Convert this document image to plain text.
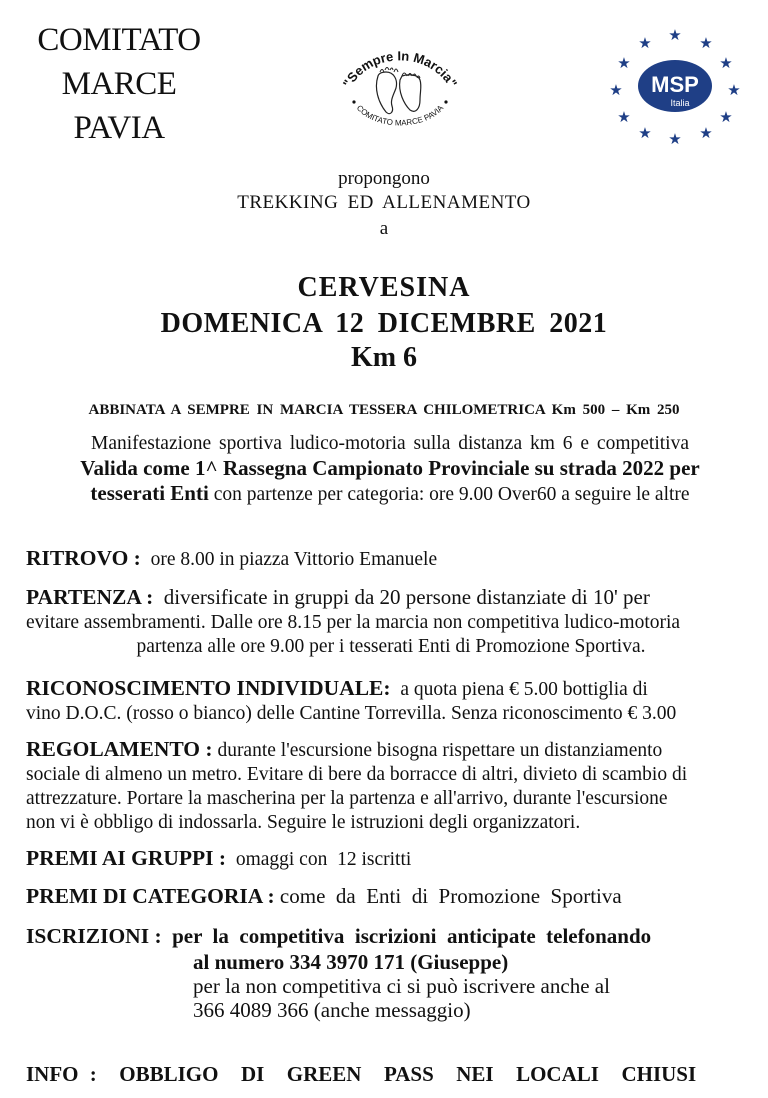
COMITATO
MARCE
PAVIA
"Sempre In Marcia"
COMITATO MARCE PAVIA
★
★	★
★	★
★	★
★	★
★	★
★
MSP
Italia
propongono
TREKKING ED ALLENAMENTO
a
CERVESINA
DOMENICA 12 DICEMBRE 2021
Km 6
ABBINATA A SEMPRE IN MARCIA TESSERA CHILOMETRICA Km 500 – Km 250
Manifestazione sportiva ludico-motoria sulla distanza km 6 e competitiva
Valida come 1^ Rassegna Campionato Provinciale su strada 2022 per
tesserati Enti con partenze per categoria: ore 9.00 Over60 a seguire le altre
RITROVO :  ore 8.00 in piazza Vittorio Emanuele
PARTENZA :  diversificate in gruppi da 20 persone distanziate di 10' per
evitare assembramenti. Dalle ore 8.15 per la marcia non competitiva ludico-motoria
partenza alle ore 9.00 per i tesserati Enti di Promozione Sportiva.
RICONOSCIMENTO INDIVIDUALE:  a quota piena € 5.00 bottiglia di
vino D.O.C. (rosso o bianco) delle Cantine Torrevilla. Senza riconoscimento € 3.00
REGOLAMENTO : durante l'escursione bisogna rispettare un distanziamento
sociale di almeno un metro. Evitare di bere da borracce di altri, divieto di scambio di
attrezzature. Portare la mascherina per la partenza e all'arrivo, durante l'escursione
non vi è obbligo di indossarla. Seguire le istruzioni degli organizzatori.
PREMI AI GRUPPI :  omaggi con  12 iscritti
PREMI DI CATEGORIA : come  da  Enti  di  Promozione  Sportiva
ISCRIZIONI :  per  la  competitiva  iscrizioni  anticipate  telefonando
al numero 334 3970 171 (Giuseppe)
per la non competitiva ci si può iscrivere anche al
366 4089 366 (anche messaggio)
INFO :  OBBLIGO  DI  GREEN  PASS  NEI  LOCALI  CHIUSI
